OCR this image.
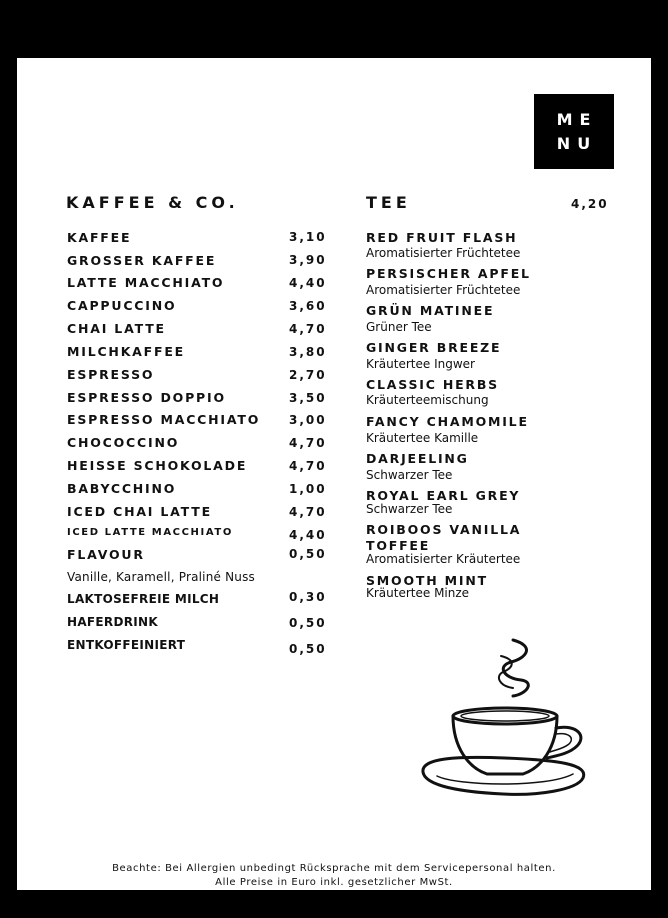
ME
NU
KAFFEE & CO.
KAFFEE	3,10
GROSSER KAFFEE	3,90
LATTE MACCHIATO	4,40
CAPPUCCINO	3,60
CHAI LATTE	4,70
MILCHKAFFEE	3,80
ESPRESSO	2,70
ESPRESSO DOPPIO	3,50
ESPRESSO MACCHIATO 3,00
CHOCOCCINO	4,70
HEISSE SCHOKOLADE	4,70
BABYCCHINO	1,00
ICED CHAI LATTE	4,70
ICED LATTE MACCHIATO	4,40
FLAVOUR	0,50
Vanille, Karamell, Praliné Nuss
LAKTOSEFREIE MILCH	0,30
HAFERDRINK	0,50
ENTKOFFEINIERT	0,50
TEE	4,20
RED FRUIT FLASH
Aromatisierter Früchtetee
PERSISCHER APFEL
Aromatisierter Früchtetee
GRÜN MATINEE
Grüner Tee
GINGER BREEZE
Kräutertee Ingwer
CLASSIC HERBS
Kräuterteemischung
FANCY CHAMOMILE
Kräutertee Kamille
DARJEELING
Schwarzer Tee
ROYAL EARL GREY
Schwarzer Tee
ROIBOOS VANILLA
TOFFEE
Aromatisierter Kräutertee
SMOOTH MINT
Kräutertee Minze
Beachte: Bei Allergien unbedingt Rücksprache mit dem Servicepersonal halten.
Alle Preise in Euro inkl. gesetzlicher MwSt.
